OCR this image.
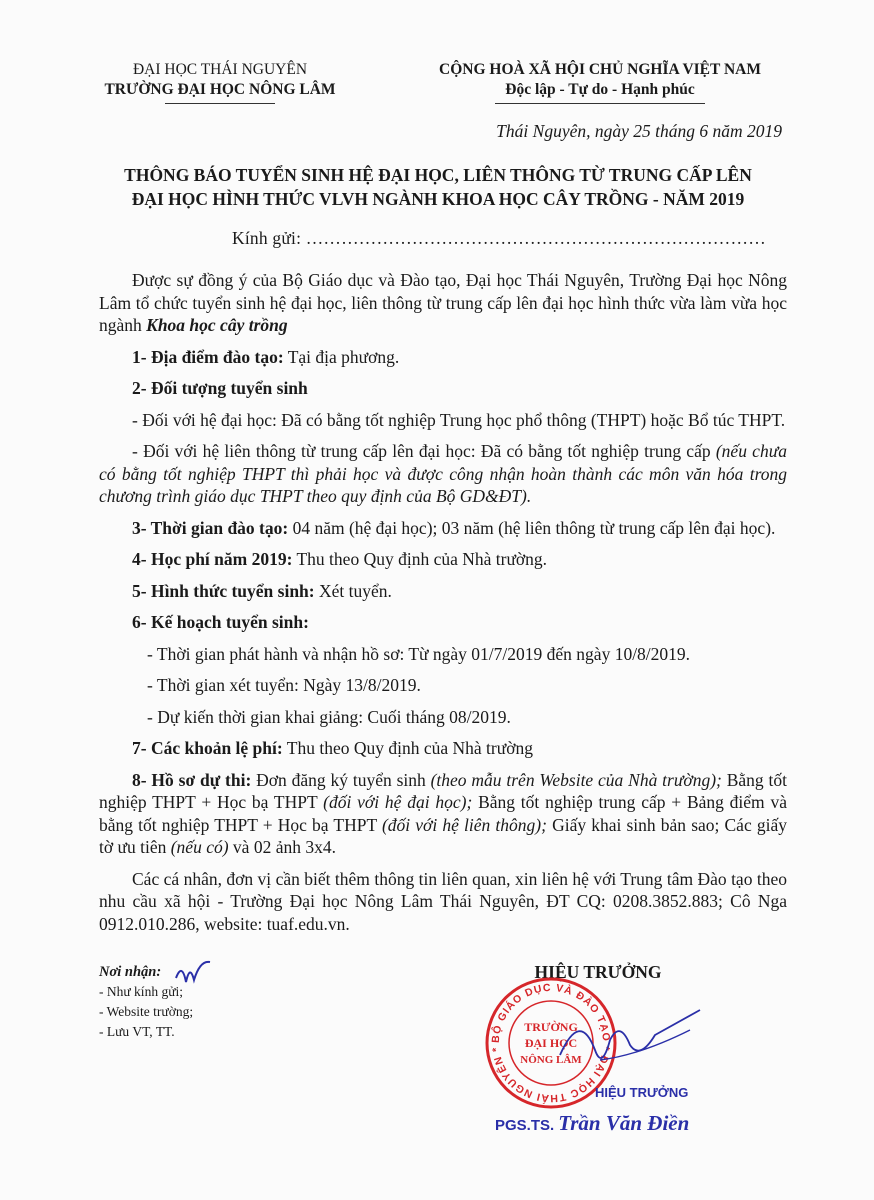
ĐẠI HỌC THÁI NGUYÊN
TRƯỜNG ĐẠI HỌC NÔNG LÂM
CỘNG HOÀ XÃ HỘI CHỦ NGHĨA VIỆT NAM
Độc lập - Tự do - Hạnh phúc
Thái Nguyên, ngày 25 tháng 6 năm 2019
THÔNG BÁO TUYỂN SINH HỆ ĐẠI HỌC, LIÊN THÔNG TỪ TRUNG CẤP LÊN
ĐẠI HỌC HÌNH THỨC VLVH NGÀNH KHOA HỌC CÂY TRỒNG - NĂM 2019
Kính gửi: ……………………………………………………………………

Được sự đồng ý của Bộ Giáo dục và Đào tạo, Đại học Thái Nguyên, Trường Đại học Nông Lâm tổ chức tuyển sinh hệ đại học, liên thông từ trung cấp lên đại học hình thức vừa làm vừa học ngành Khoa học cây trồng

1- Địa điểm đào tạo: Tại địa phương.

2- Đối tượng tuyển sinh

- Đối với hệ đại học: Đã có bằng tốt nghiệp Trung học phổ thông (THPT) hoặc Bổ túc THPT.

- Đối với hệ liên thông từ trung cấp lên đại học: Đã có bằng tốt nghiệp trung cấp (nếu chưa có bằng tốt nghiệp THPT thì phải học và được công nhận hoàn thành các môn văn hóa trong chương trình giáo dục THPT theo quy định của Bộ GD&ĐT).

3- Thời gian đào tạo: 04 năm (hệ đại học); 03 năm (hệ liên thông từ trung cấp lên đại học).

4- Học phí năm 2019: Thu theo Quy định của Nhà trường.

5- Hình thức tuyển sinh: Xét tuyển.

6- Kế hoạch tuyển sinh:

- Thời gian phát hành và nhận hồ sơ: Từ ngày 01/7/2019 đến ngày 10/8/2019.

- Thời gian xét tuyển: Ngày 13/8/2019.

- Dự kiến thời gian khai giảng: Cuối tháng 08/2019.

7- Các khoản lệ phí: Thu theo Quy định của Nhà trường

8- Hồ sơ dự thi: Đơn đăng ký tuyển sinh (theo mẫu trên Website của Nhà trường); Bằng tốt nghiệp THPT + Học bạ THPT (đối với hệ đại học); Bằng tốt nghiệp trung cấp + Bảng điểm và bằng tốt nghiệp THPT + Học bạ THPT (đối với hệ liên thông); Giấy khai sinh bản sao; Các giấy tờ ưu tiên (nếu có) và 02 ảnh 3x4.

Các cá nhân, đơn vị cần biết thêm thông tin liên quan, xin liên hệ với Trung tâm Đào tạo theo nhu cầu xã hội - Trường Đại học Nông Lâm Thái Nguyên, ĐT CQ: 0208.3852.883; Cô Nga 0912.010.286, website: tuaf.edu.vn.

Nơi nhận:
- Như kính gửi;
- Website trường;
- Lưu VT, TT.
HIỆU TRƯỞNG
BỘ GIÁO DỤC VÀ ĐÀO TẠO * ĐẠI HỌC THÁI NGUYÊN *
TRƯỜNG
ĐẠI HỌC
NÔNG LÂM
HIỆU TRƯỞNG
PGS.TS. Trần Văn Điền
